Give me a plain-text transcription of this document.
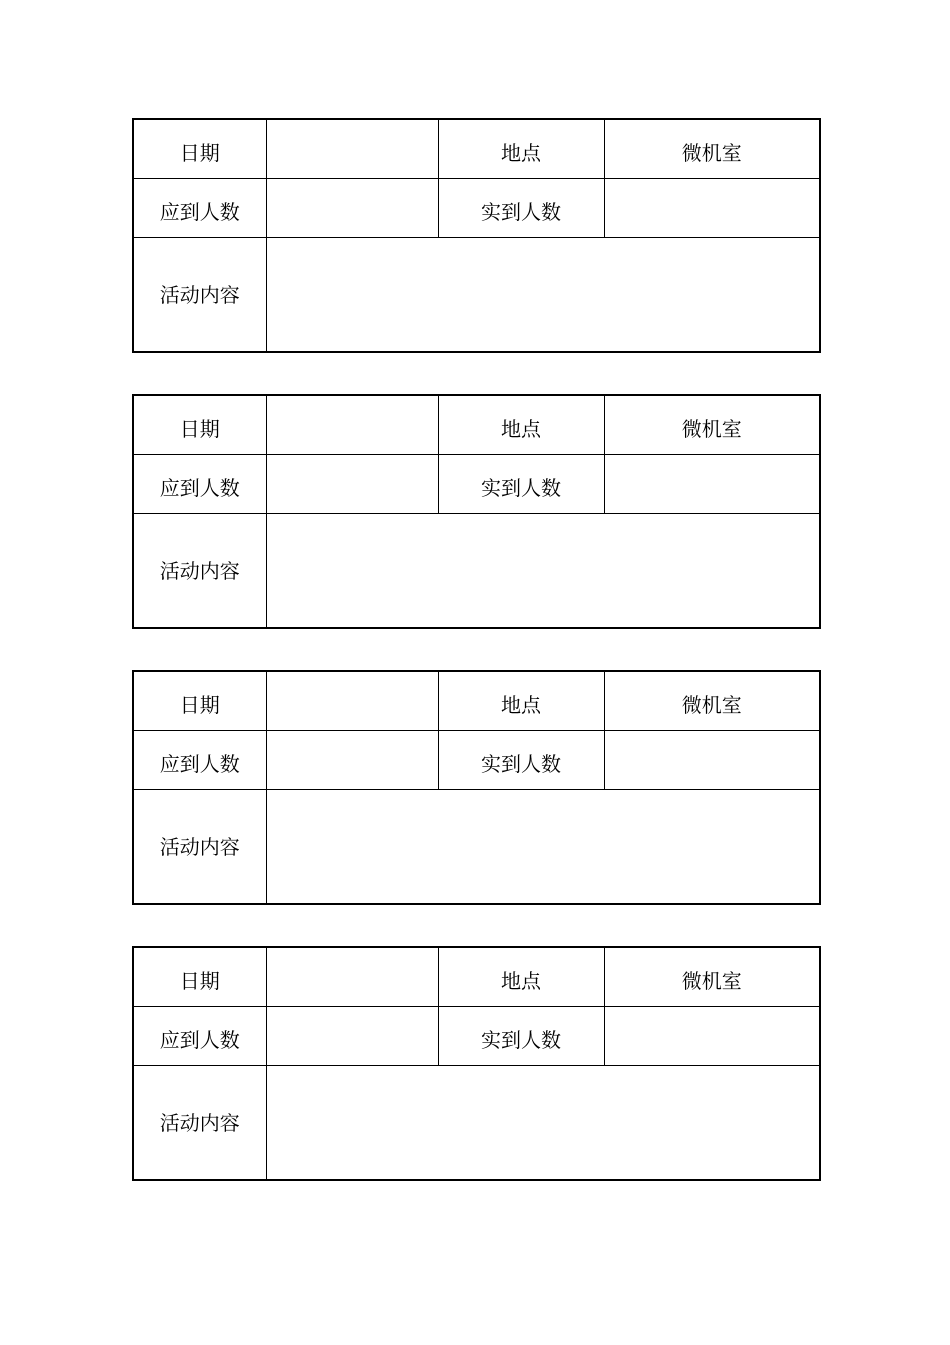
日期		地点	微机室
应到人数		实到人数	
活动内容			
日期		地点	微机室
应到人数		实到人数	
活动内容			
日期		地点	微机室
应到人数		实到人数	
活动内容			
日期		地点	微机室
应到人数		实到人数	
活动内容			
